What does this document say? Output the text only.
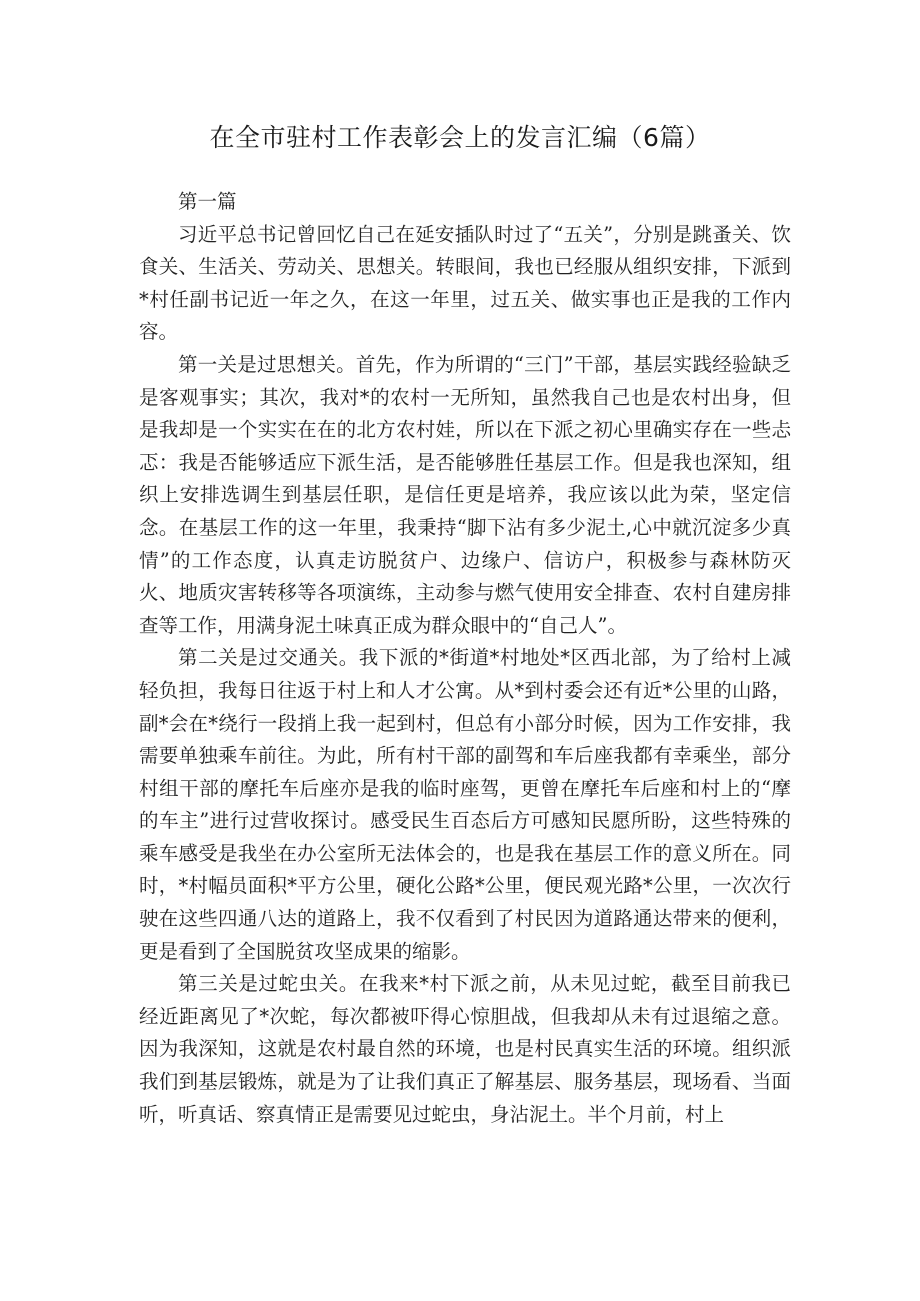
在全市驻村工作表彰会上的发言汇编（6篇）

第一篇

习近平总书记曾回忆自己在延安插队时过了“五关”，分别是跳蚤关、饮食关、生活关、劳动关、思想关。转眼间，我也已经服从组织安排，下派到*村任副书记近一年之久，在这一年里，过五关、做实事也正是我的工作内容。

第一关是过思想关。首先，作为所谓的“三门”干部，基层实践经验缺乏是客观事实；其次，我对*的农村一无所知，虽然我自己也是农村出身，但是我却是一个实实在在的北方农村娃，所以在下派之初心里确实存在一些忐忑：我是否能够适应下派生活，是否能够胜任基层工作。但是我也深知，组织上安排选调生到基层任职，是信任更是培养，我应该以此为荣，坚定信念。在基层工作的这一年里，我秉持“脚下沾有多少泥土,心中就沉淀多少真情”的工作态度，认真走访脱贫户、边缘户、信访户，积极参与森林防灭火、地质灾害转移等各项演练，主动参与燃气使用安全排查、农村自建房排查等工作，用满身泥土味真正成为群众眼中的“自己人”。

第二关是过交通关。我下派的*街道*村地处*区西北部，为了给村上减轻负担，我每日往返于村上和人才公寓。从*到村委会还有近*公里的山路，副*会在*绕行一段捎上我一起到村，但总有小部分时候，因为工作安排，我需要单独乘车前往。为此，所有村干部的副驾和车后座我都有幸乘坐，部分村组干部的摩托车后座亦是我的临时座驾，更曾在摩托车后座和村上的“摩的车主”进行过营收探讨。感受民生百态后方可感知民愿所盼，这些特殊的乘车感受是我坐在办公室所无法体会的，也是我在基层工作的意义所在。同时，*村幅员面积*平方公里，硬化公路*公里，便民观光路*公里，一次次行驶在这些四通八达的道路上，我不仅看到了村民因为道路通达带来的便利，更是看到了全国脱贫攻坚成果的缩影。

第三关是过蛇虫关。在我来*村下派之前，从未见过蛇，截至目前我已经近距离见了*次蛇，每次都被吓得心惊胆战，但我却从未有过退缩之意。因为我深知，这就是农村最自然的环境，也是村民真实生活的环境。组织派我们到基层锻炼，就是为了让我们真正了解基层、服务基层，现场看、当面听，听真话、察真情正是需要见过蛇虫，身沾泥土。半个月前，村上
